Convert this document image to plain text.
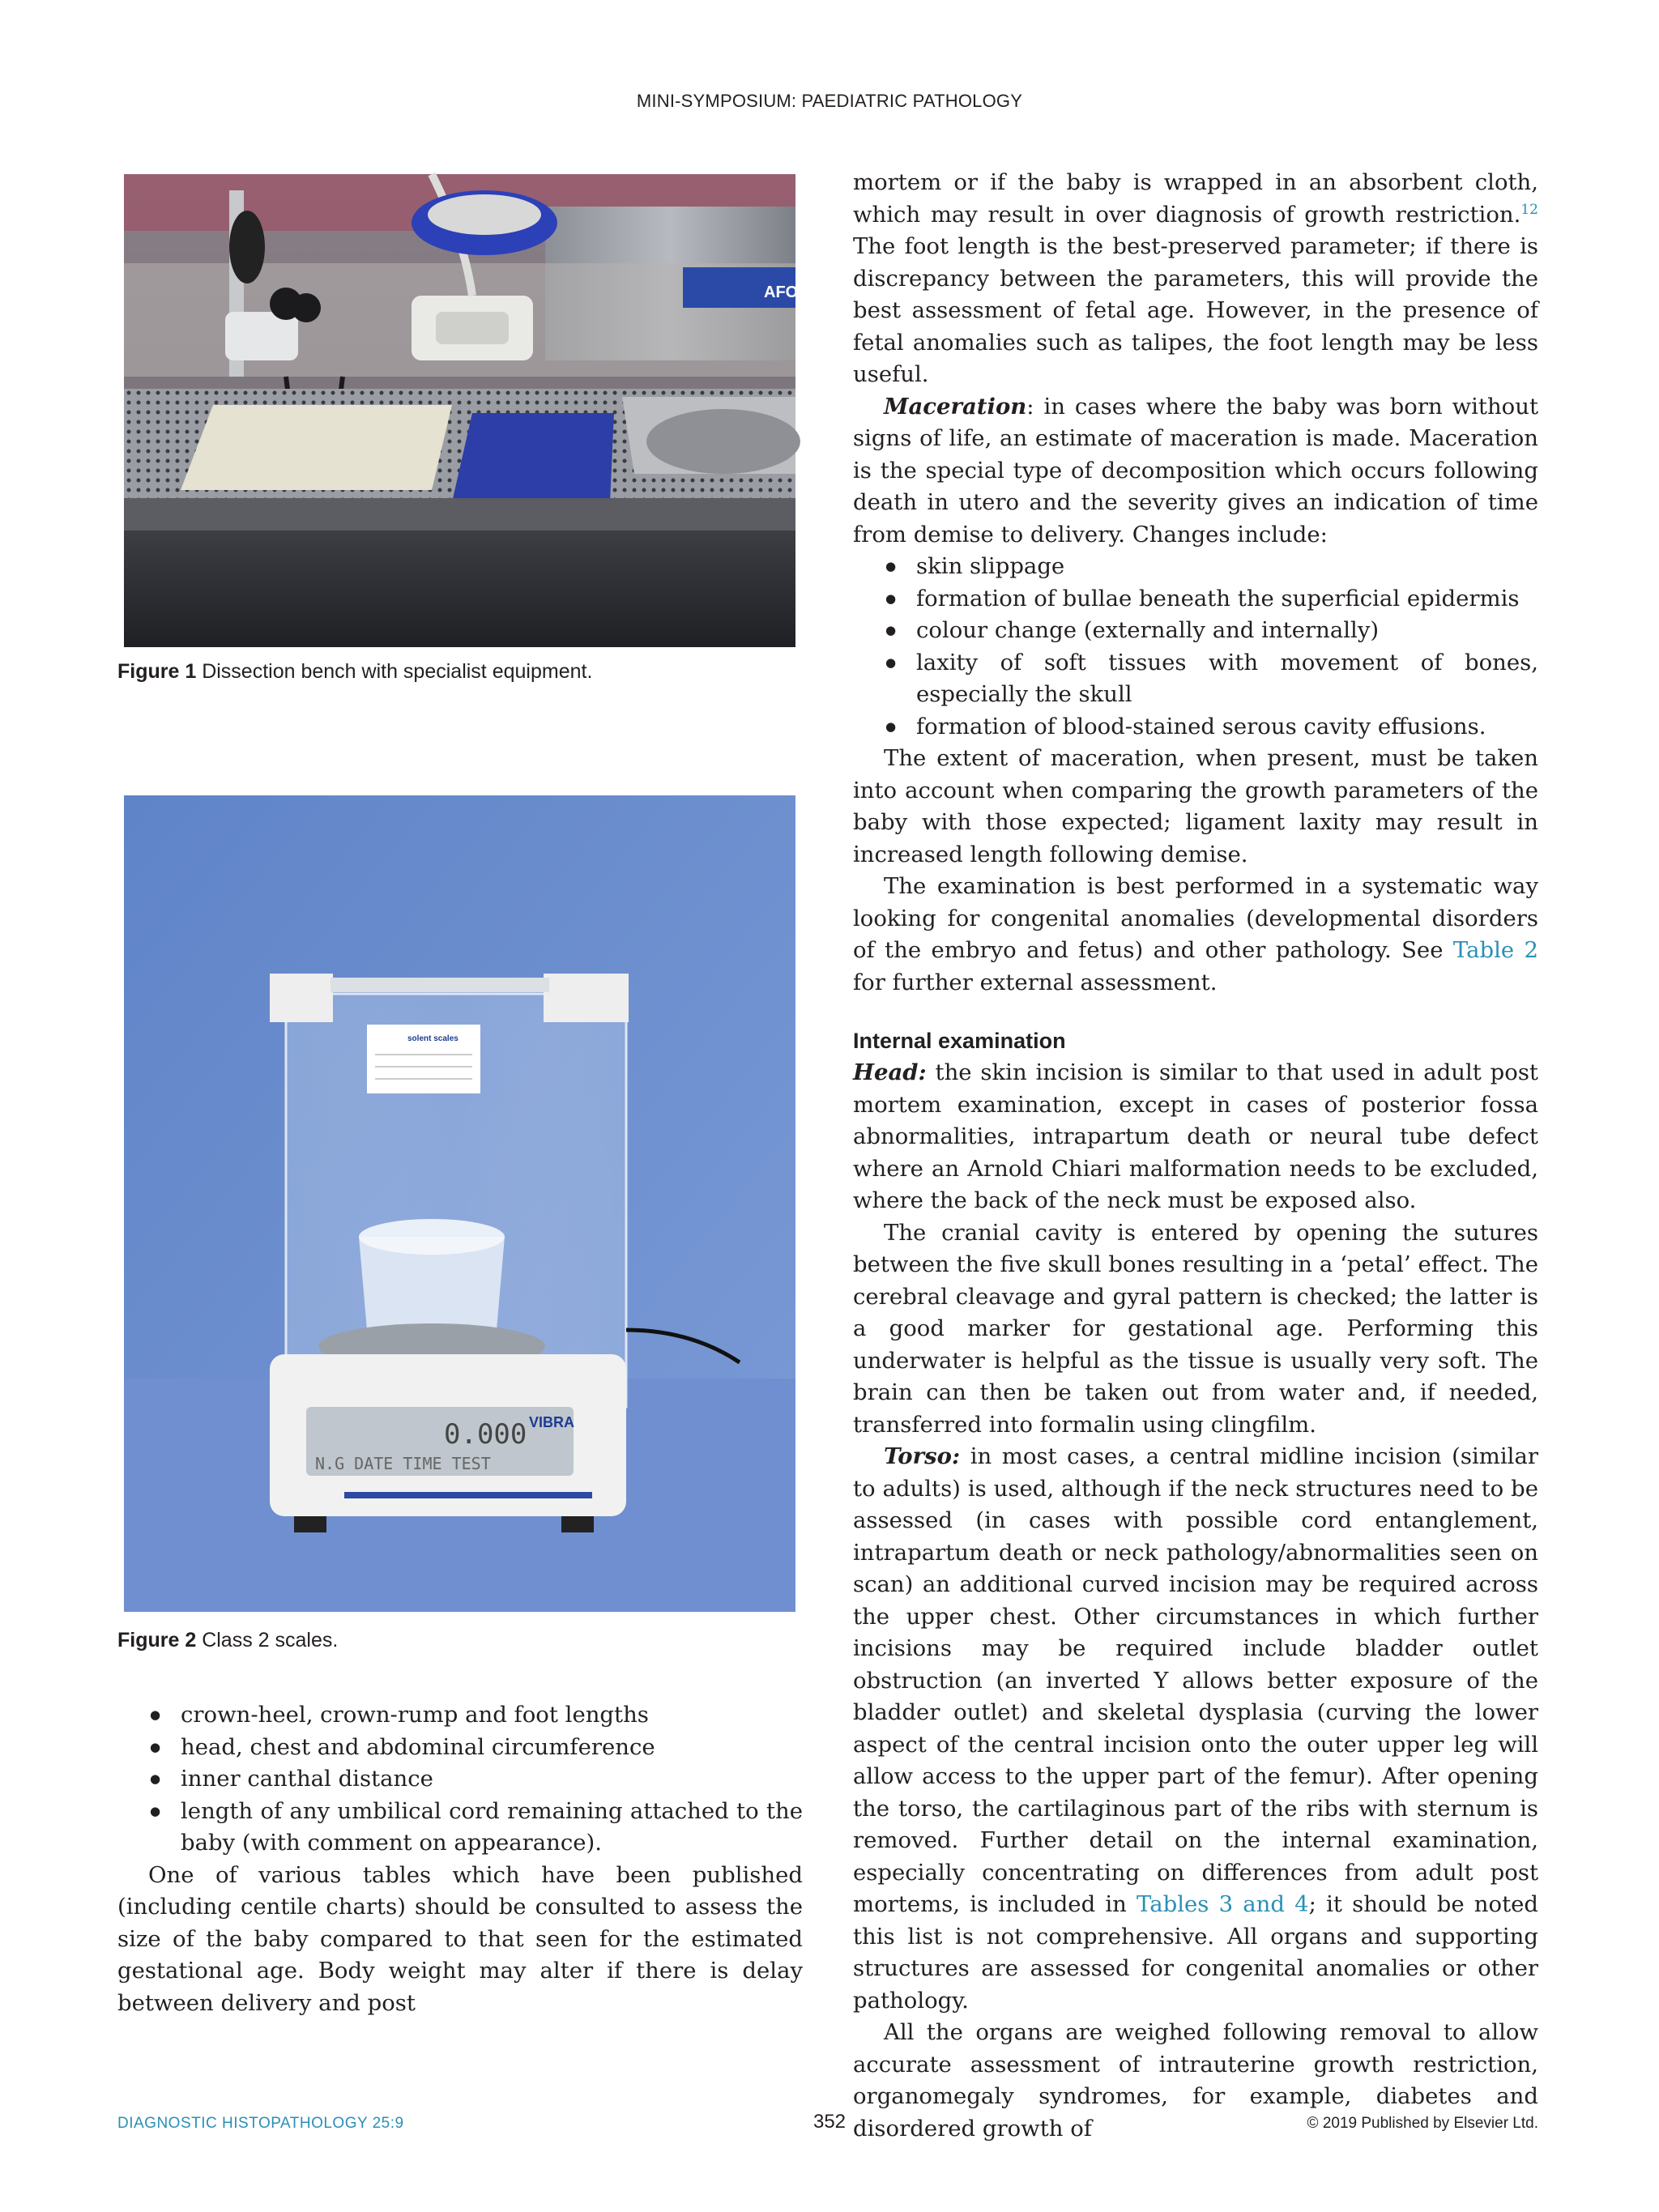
MINI-SYMPOSIUM: PAEDIATRIC PATHOLOGY
AFOS
Figure 1 Dissection bench with specialist equipment.
solent scales
0.000
N.G DATE TIME TEST
VIBRA
Figure 2 Class 2 scales.
● crown-heel, crown-rump and foot lengths
● head, chest and abdominal circumference
● inner canthal distance
● length of any umbilical cord remaining attached to the baby (with comment on appearance).

One of various tables which have been published (including centile charts) should be consulted to assess the size of the baby compared to that seen for the estimated gestational age. Body weight may alter if there is delay between delivery and post

mortem or if the baby is wrapped in an absorbent cloth, which may result in over diagnosis of growth restriction.$^{12}$ The foot length is the best-preserved parameter; if there is discrepancy between the parameters, this will provide the best assessment of fetal age. However, in the presence of fetal anomalies such as talipes, the foot length may be less useful.

Maceration: in cases where the baby was born without signs of life, an estimate of maceration is made. Maceration is the special type of decomposition which occurs following death in utero and the severity gives an indication of time from demise to delivery. Changes include:

● skin slippage
● formation of bullae beneath the superficial epidermis
● colour change (externally and internally)
● laxity of soft tissues with movement of bones, especially the skull
● formation of blood-stained serous cavity effusions.

The extent of maceration, when present, must be taken into account when comparing the growth parameters of the baby with those expected; ligament laxity may result in increased length following demise.

The examination is best performed in a systematic way looking for congenital anomalies (developmental disorders of the embryo and fetus) and other pathology. See Table 2 for further external assessment.

Internal examination

Head: the skin incision is similar to that used in adult post mortem examination, except in cases of posterior fossa abnormalities, intrapartum death or neural tube defect where an Arnold Chiari malformation needs to be excluded, where the back of the neck must be exposed also.

The cranial cavity is entered by opening the sutures between the five skull bones resulting in a ‘petal’ effect. The cerebral cleavage and gyral pattern is checked; the latter is a good marker for gestational age. Performing this underwater is helpful as the tissue is usually very soft. The brain can then be taken out from water and, if needed, transferred into formalin using clingfilm.

Torso: in most cases, a central midline incision (similar to adults) is used, although if the neck structures need to be assessed (in cases with possible cord entanglement, intrapartum death or neck pathology/abnormalities seen on scan) an additional curved incision may be required across the upper chest. Other circumstances in which further incisions may be required include bladder outlet obstruction (an inverted Y allows better exposure of the bladder outlet) and skeletal dysplasia (curving the lower aspect of the central incision onto the outer upper leg will allow access to the upper part of the femur). After opening the torso, the cartilaginous part of the ribs with sternum is removed. Further detail on the internal examination, especially concentrating on differences from adult post mortems, is included in Tables 3 and 4; it should be noted this list is not comprehensive. All organs and supporting structures are assessed for congenital anomalies or other pathology.

All the organs are weighed following removal to allow accurate assessment of intrauterine growth restriction, organomegaly syndromes, for example, diabetes and disordered growth of

DIAGNOSTIC HISTOPATHOLOGY 25:9	352	© 2019 Published by Elsevier Ltd.
